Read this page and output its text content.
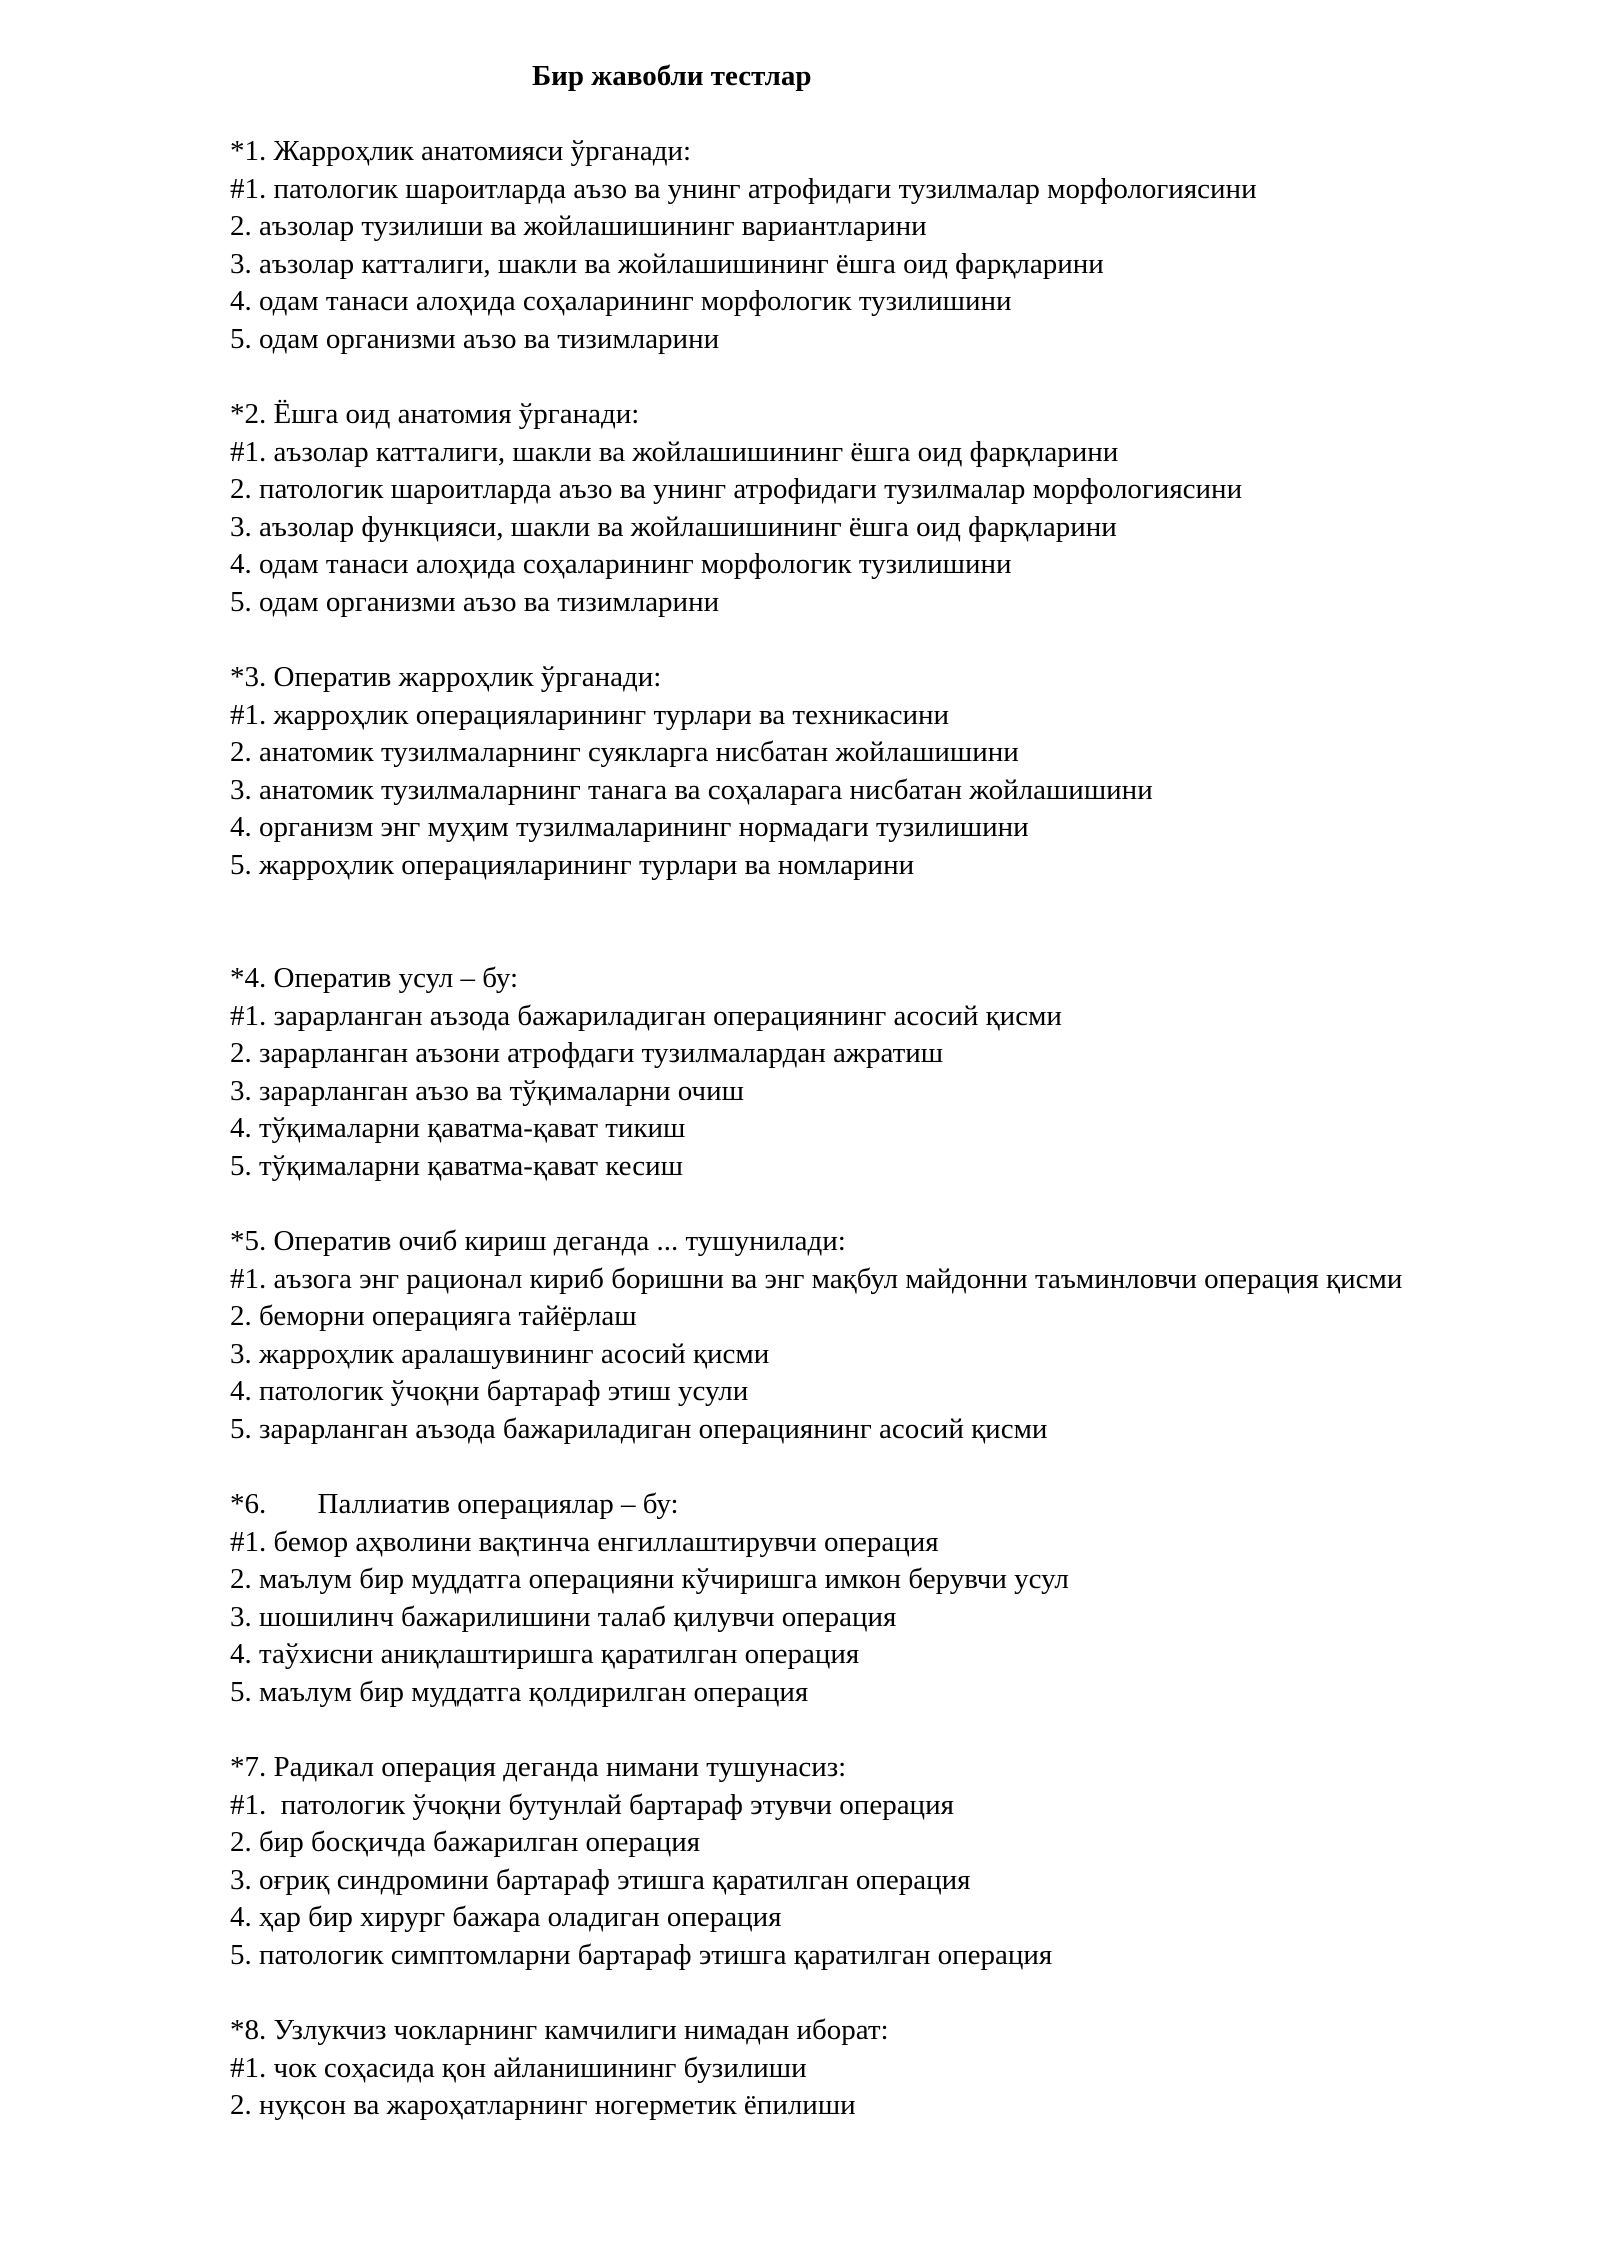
Бир жавобли тестлар

*1. Жарроҳлик анатомияси ўрганади:

#1. патологик шароитларда аъзо ва унинг атрофидаги тузилмалар морфологиясини
2. аъзолар тузилиши ва жойлашишининг вариантларини
3. аъзолар катталиги, шакли ва жойлашишининг ёшга оид фарқларини
4. одам танаси алоҳида соҳаларининг морфологик тузилишини
5. одам организми аъзо ва тизимларини

*2. Ёшга оид анатомия ўрганади:

#1. аъзолар катталиги, шакли ва жойлашишининг ёшга оид фарқларини
2. патологик шароитларда аъзо ва унинг атрофидаги тузилмалар морфологиясини
3. аъзолар функцияси, шакли ва жойлашишининг ёшга оид фарқларини
4. одам танаси алоҳида соҳаларининг морфологик тузилишини
5. одам организми аъзо ва тизимларини

*3. Оператив жарроҳлик ўрганади:

#1. жарроҳлик операцияларининг турлари ва техникасини
2. анатомик тузилмаларнинг суякларга нисбатан жойлашишини
3. анатомик тузилмаларнинг танага ва соҳаларага нисбатан жойлашишини
4. организм энг муҳим тузилмаларининг нормадаги тузилишини
5. жарроҳлик операцияларининг турлари ва номларини

*4. Оператив усул – бу:

#1. зарарланган аъзода бажариладиган операциянинг асосий қисми
2. зарарланган аъзони атрофдаги тузилмалардан ажратиш
3. зарарланган аъзо ва тўқималарни очиш
4. тўқималарни қаватма-қават тикиш
5. тўқималарни қаватма-қават кесиш

*5. Оператив очиб кириш деганда ... тушунилади:

#1. аъзога энг рационал кириб боришни ва энг мақбул майдонни таъминловчи операция қисми
2. беморни операцияга тайёрлаш
3. жарроҳлик аралашувининг асосий қисми
4. патологик ўчоқни бартараф этиш усули
5. зарарланган аъзода бажариладиган операциянинг асосий қисми

*6. Паллиатив операциялар – бу:

#1. бемор аҳволини вақтинча енгиллаштирувчи операция
2. маълум бир муддатга операцияни кўчиришга имкон берувчи усул
3. шошилинч бажарилишини талаб қилувчи операция
4. таўхисни аниқлаштиришга қаратилган операция
5. маълум бир муддатга қолдирилган операция

*7. Радикал операция деганда нимани тушунасиз:

#1.  патологик ўчоқни бутунлай бартараф этувчи операция
2. бир босқичда бажарилган операция
3. оғриқ синдромини бартараф этишга қаратилган операция
4. ҳар бир хирург бажара оладиган операция
5. патологик симптомларни бартараф этишга қаратилган операция

*8. Узлукчиз чокларнинг камчилиги нимадан иборат:

#1. чок соҳасида қон айланишининг бузилиши
2. нуқсон ва жароҳатларнинг ногерметик ёпилиши
